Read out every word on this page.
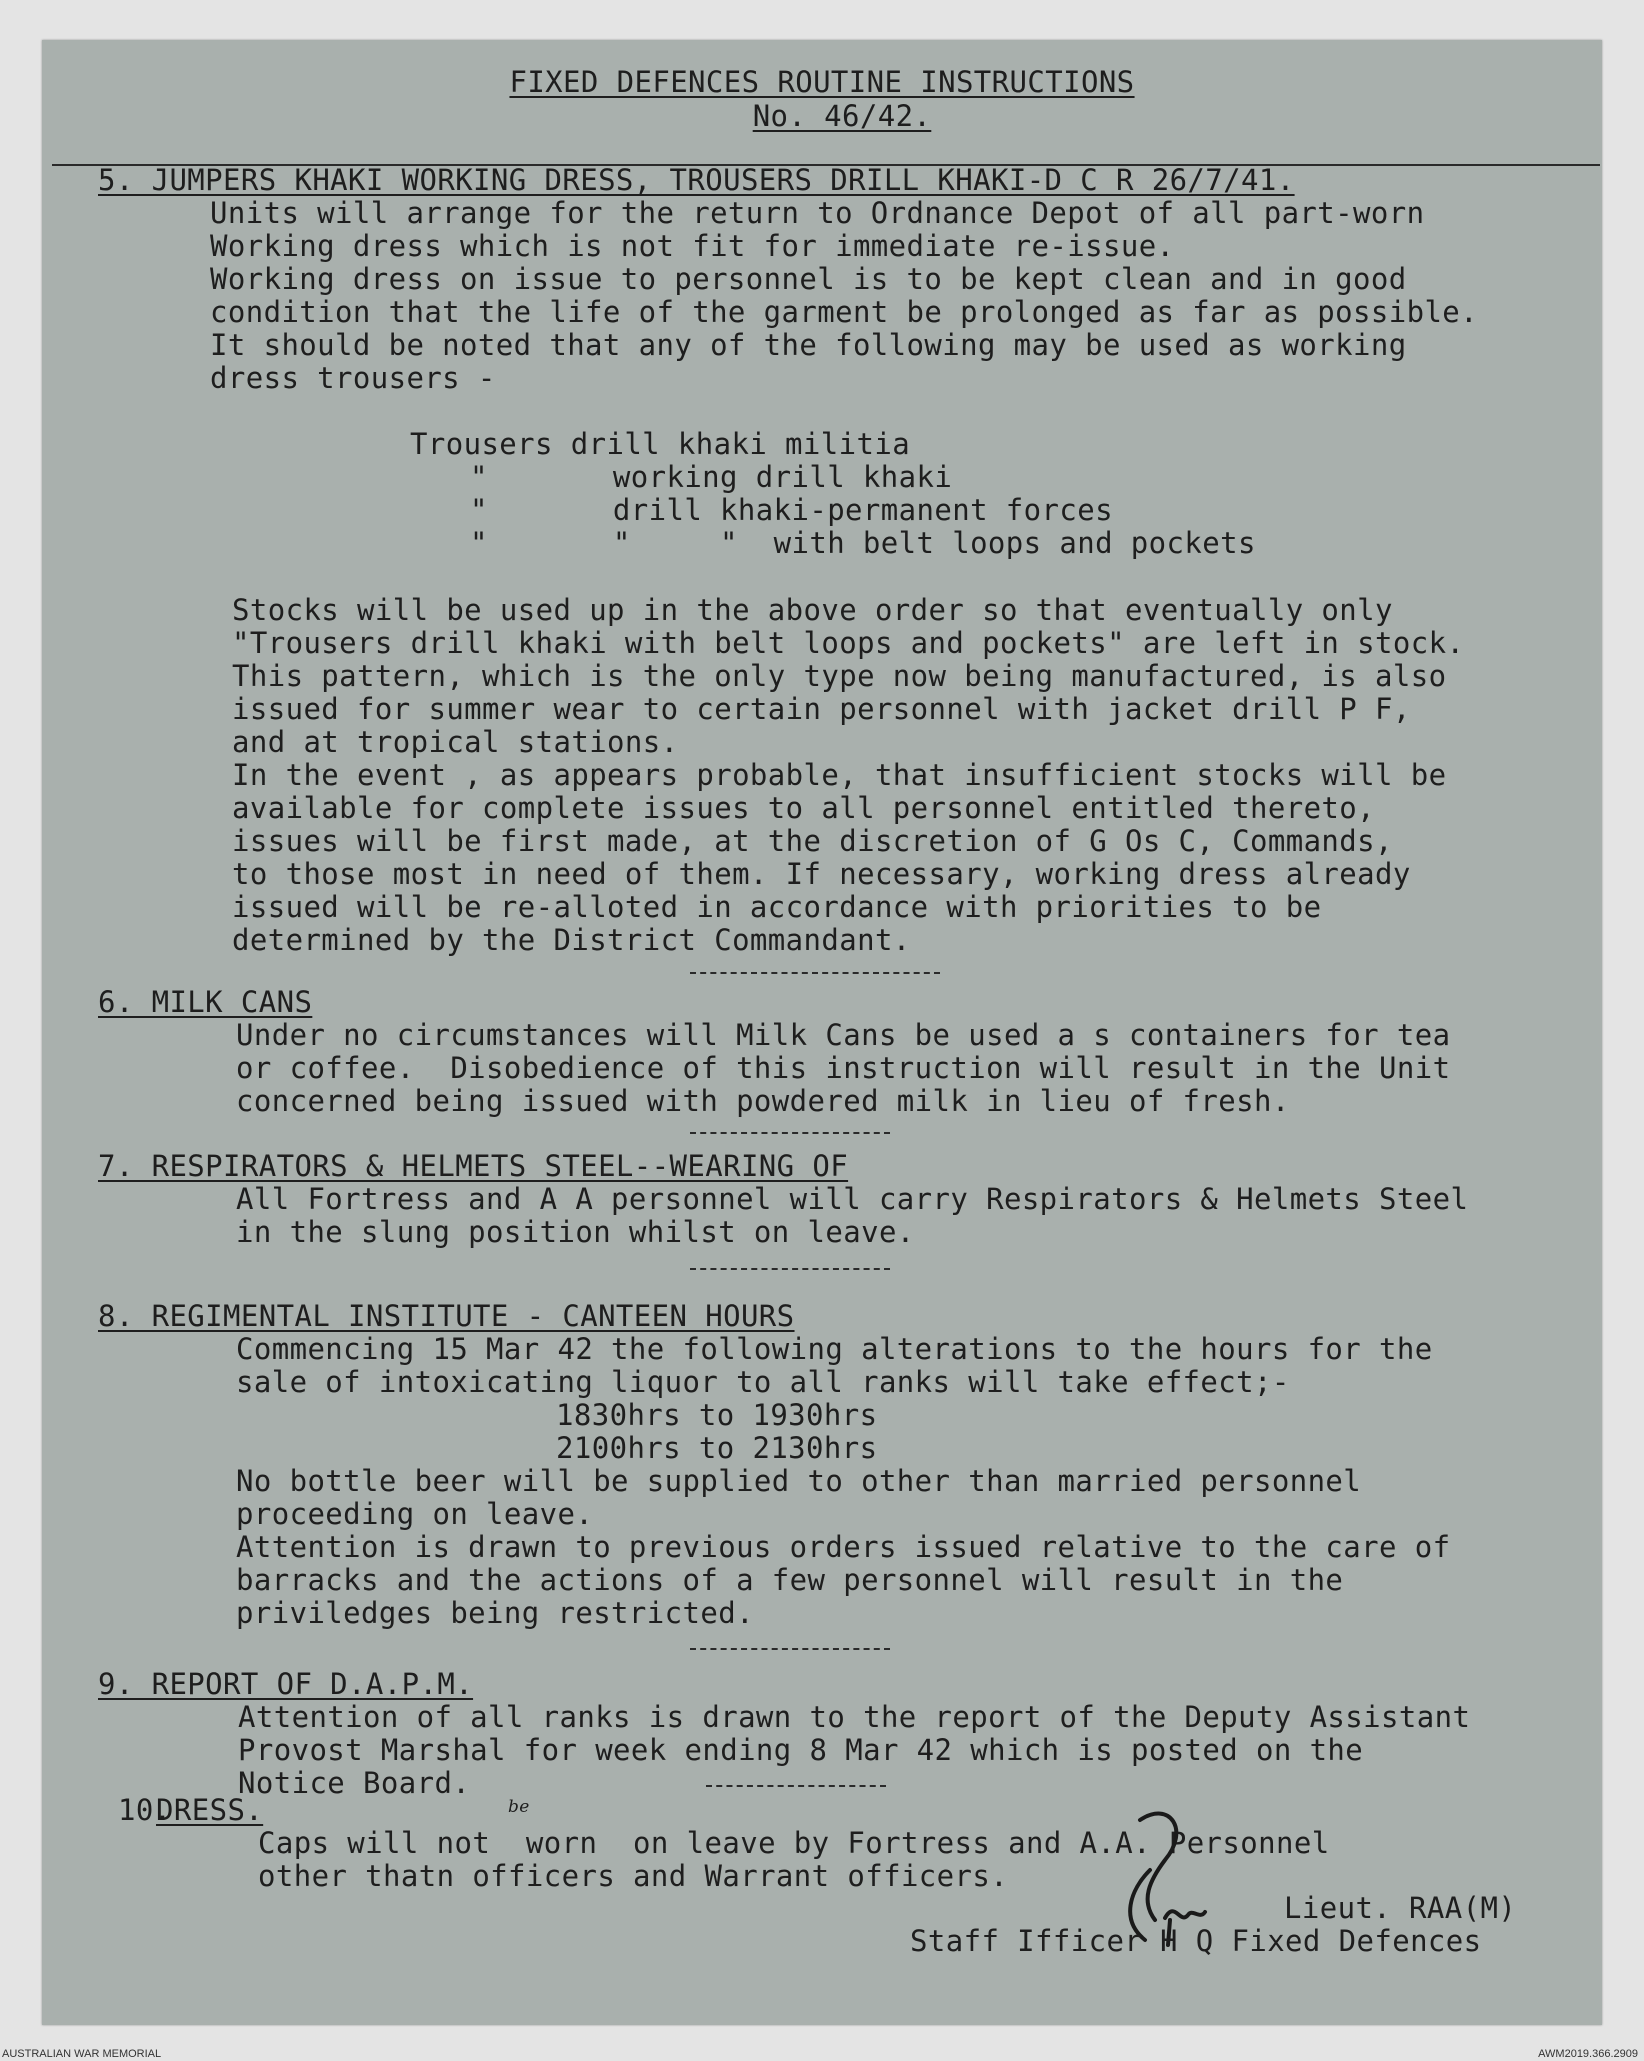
FIXED DEFENCES ROUTINE INSTRUCTIONS
No. 46/42.
5. JUMPERS KHAKI WORKING DRESS, TROUSERS DRILL KHAKI-D C R 26/7/41.
Units will arrange for the return to Ordnance Depot of all part-worn
Working dress which is not fit for immediate re-issue.
Working dress on issue to personnel is to be kept clean and in good
condition that the life of the garment be prolonged as far as possible.
It should be noted that any of the following may be used as working
dress trousers -
Trousers drill khaki militia
"       working drill khaki
"       drill khaki-permanent forces
"       "     "  with belt loops and pockets
Stocks will be used up in the above order so that eventually only
"Trousers drill khaki with belt loops and pockets" are left in stock.
This pattern, which is the only type now being manufactured, is also
issued for summer wear to certain personnel with jacket drill P F,
and at tropical stations.
In the event , as appears probable, that insufficient stocks will be
available for complete issues to all personnel entitled thereto,
issues will be first made, at the discretion of G Os C, Commands,
to those most in need of them. If necessary, working dress already
issued will be re-alloted in accordance with priorities to be
determined by the District Commandant.
6. MILK CANS
Under no circumstances will Milk Cans be used a s containers for tea
or coffee.  Disobedience of this instruction will result in the Unit
concerned being issued with powdered milk in lieu of fresh.
7. RESPIRATORS & HELMETS STEEL--WEARING OF
All Fortress and A A personnel will carry Respirators & Helmets Steel
in the slung position whilst on leave.
8. REGIMENTAL INSTITUTE - CANTEEN HOURS
Commencing 15 Mar 42 the following alterations to the hours for the
sale of intoxicating liquor to all ranks will take effect;-
1830hrs to 1930hrs
2100hrs to 2130hrs
No bottle beer will be supplied to other than married personnel
proceeding on leave.
Attention is drawn to previous orders issued relative to the care of
barracks and the actions of a few personnel will result in the
priviledges being restricted.
9. REPORT OF D.A.P.M.
Attention of all ranks is drawn to the report of the Deputy Assistant
Provost Marshal for week ending 8 Mar 42 which is posted on the
Notice Board.
10.
DRESS.	be
Caps will not  worn  on leave by Fortress and A.A. Personnel
other thatn officers and Warrant officers.
Lieut. RAA(M)
Staff Ifficer H Q Fixed Defences
AUSTRALIAN WAR MEMORIAL	AWM2019.366.2909
